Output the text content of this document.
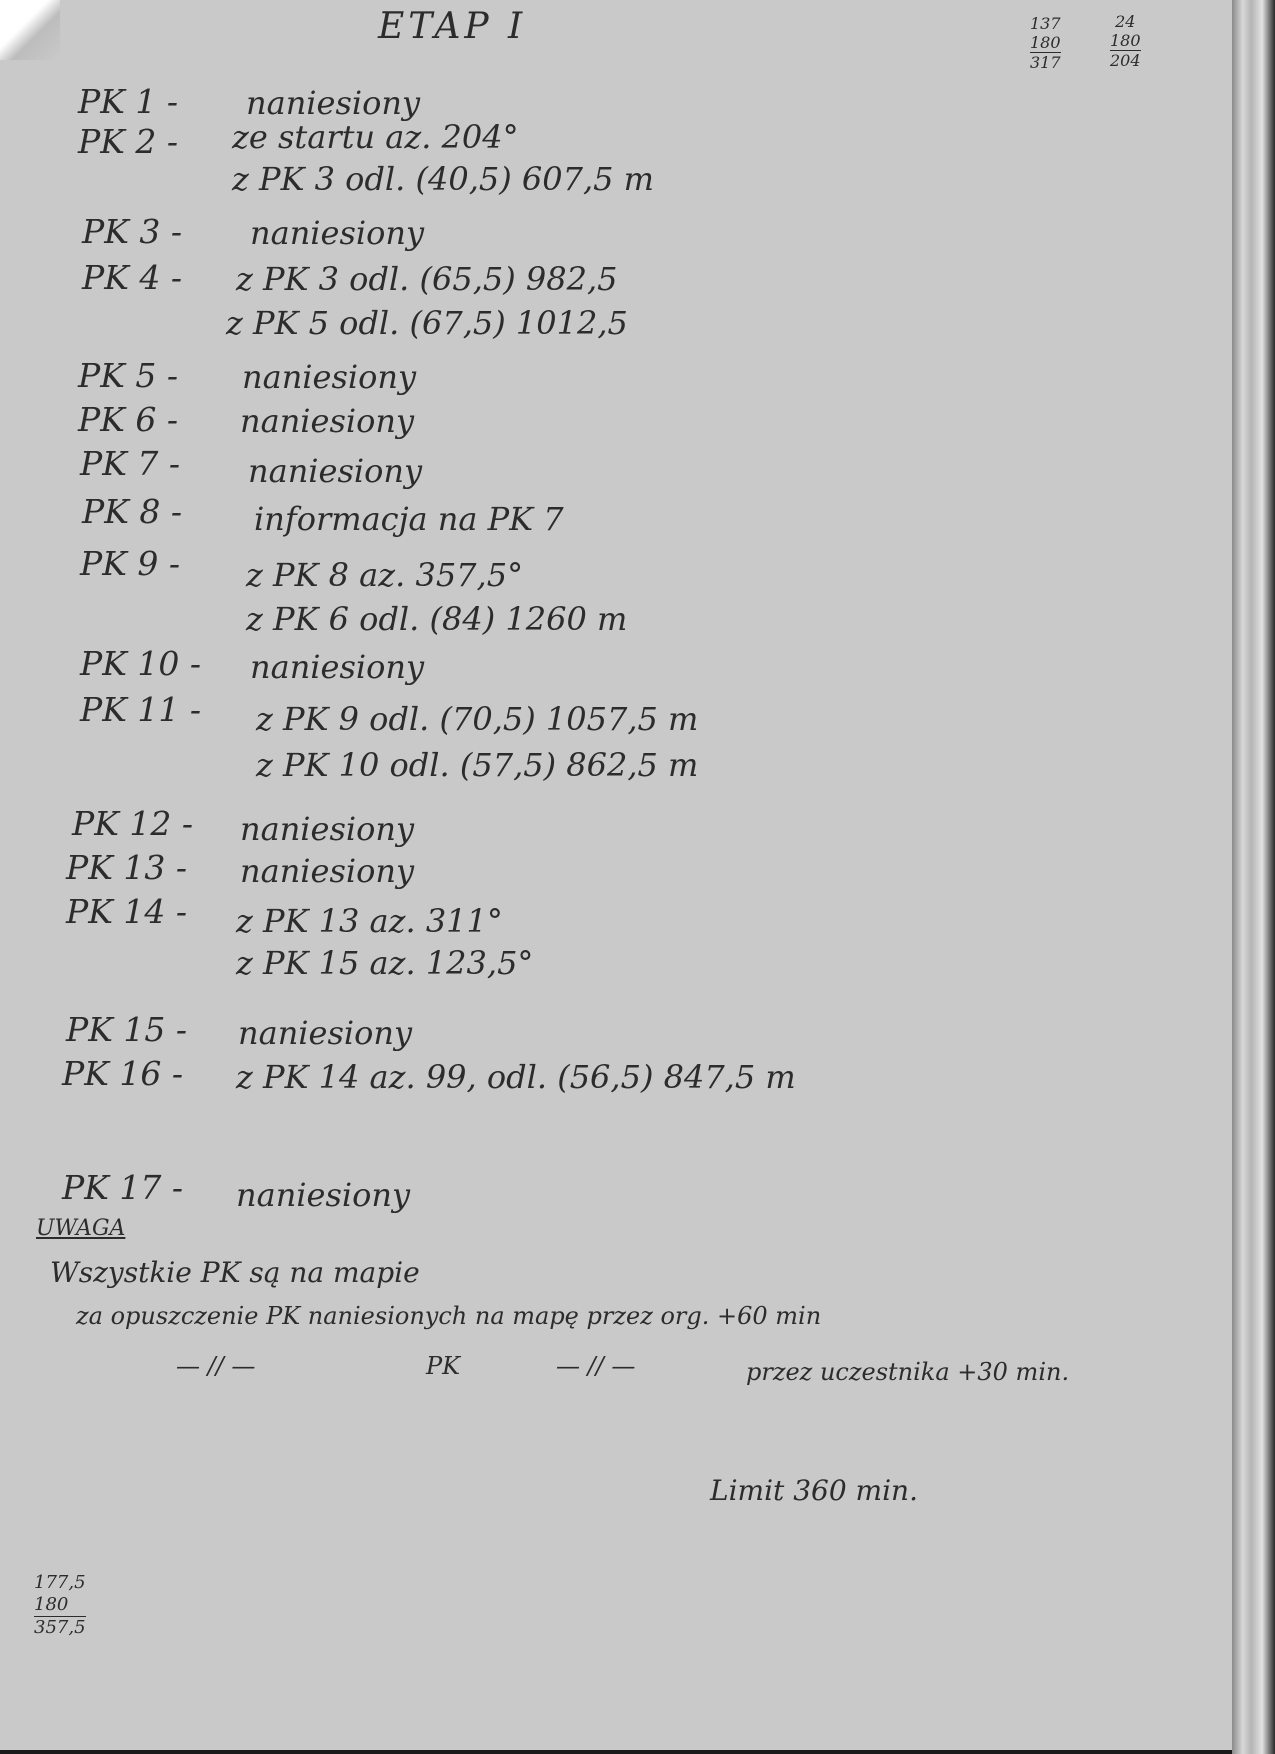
ETAP I	137
180
317
24
180
204
PK 1 - naniesiony
PK 2 - ze startu az. 204°
z PK 3 odl. (40,5) 607,5 m
PK 3 - naniesiony
PK 4 - z PK 3 odl. (65,5) 982,5
z PK 5 odl. (67,5) 1012,5
PK 5 - naniesiony
PK 6 - naniesiony
PK 7 - naniesiony
PK 8 - informacja na PK 7
PK 9 - z PK 8 az. 357,5°
z PK 6 odl. (84) 1260 m
PK 10 - naniesiony
PK 11 - z PK 9 odl. (70,5) 1057,5 m
z PK 10 odl. (57,5) 862,5 m
PK 12 - naniesiony
PK 13 - naniesiony
PK 14 - z PK 13 az. 311°
z PK 15 az. 123,5°
PK 15 - naniesiony
PK 16 - z PK 14 az. 99, odl. (56,5) 847,5 m
PK 17 - naniesiony
UWAGA
Wszystkie PK są na mapie
za opuszczenie PK naniesionych na mapę przez org. +60 min
— // —	PK	— // —	przez uczestnika +30 min.
Limit 360 min.
177,5
180
357,5
